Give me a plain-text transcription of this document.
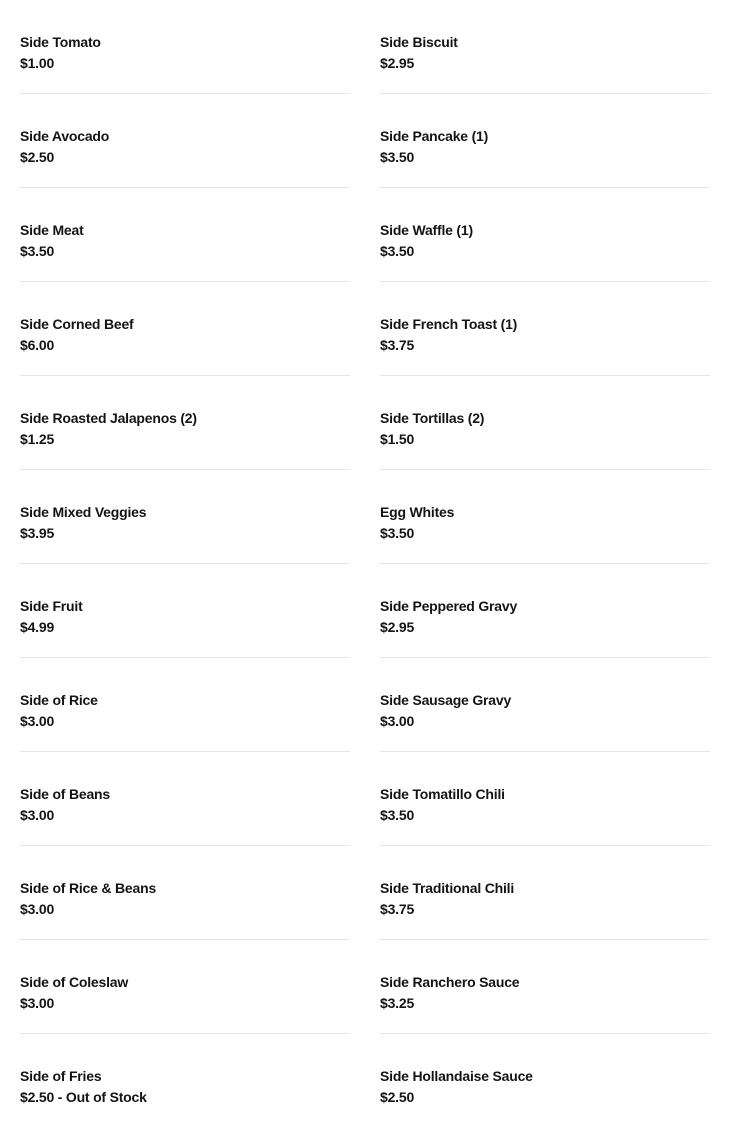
Side Tomato
$1.00
Side Biscuit
$2.95
Side Avocado
$2.50
Side Pancake (1)
$3.50
Side Meat
$3.50
Side Waffle (1)
$3.50
Side Corned Beef
$6.00
Side French Toast (1)
$3.75
Side Roasted Jalapenos (2)
$1.25
Side Tortillas (2)
$1.50
Side Mixed Veggies
$3.95
Egg Whites
$3.50
Side Fruit
$4.99
Side Peppered Gravy
$2.95
Side of Rice
$3.00
Side Sausage Gravy
$3.00
Side of Beans
$3.00
Side Tomatillo Chili
$3.50
Side of Rice & Beans
$3.00
Side Traditional Chili
$3.75
Side of Coleslaw
$3.00
Side Ranchero Sauce
$3.25
Side of Fries
$2.50 - Out of Stock
Side Hollandaise Sauce
$2.50
